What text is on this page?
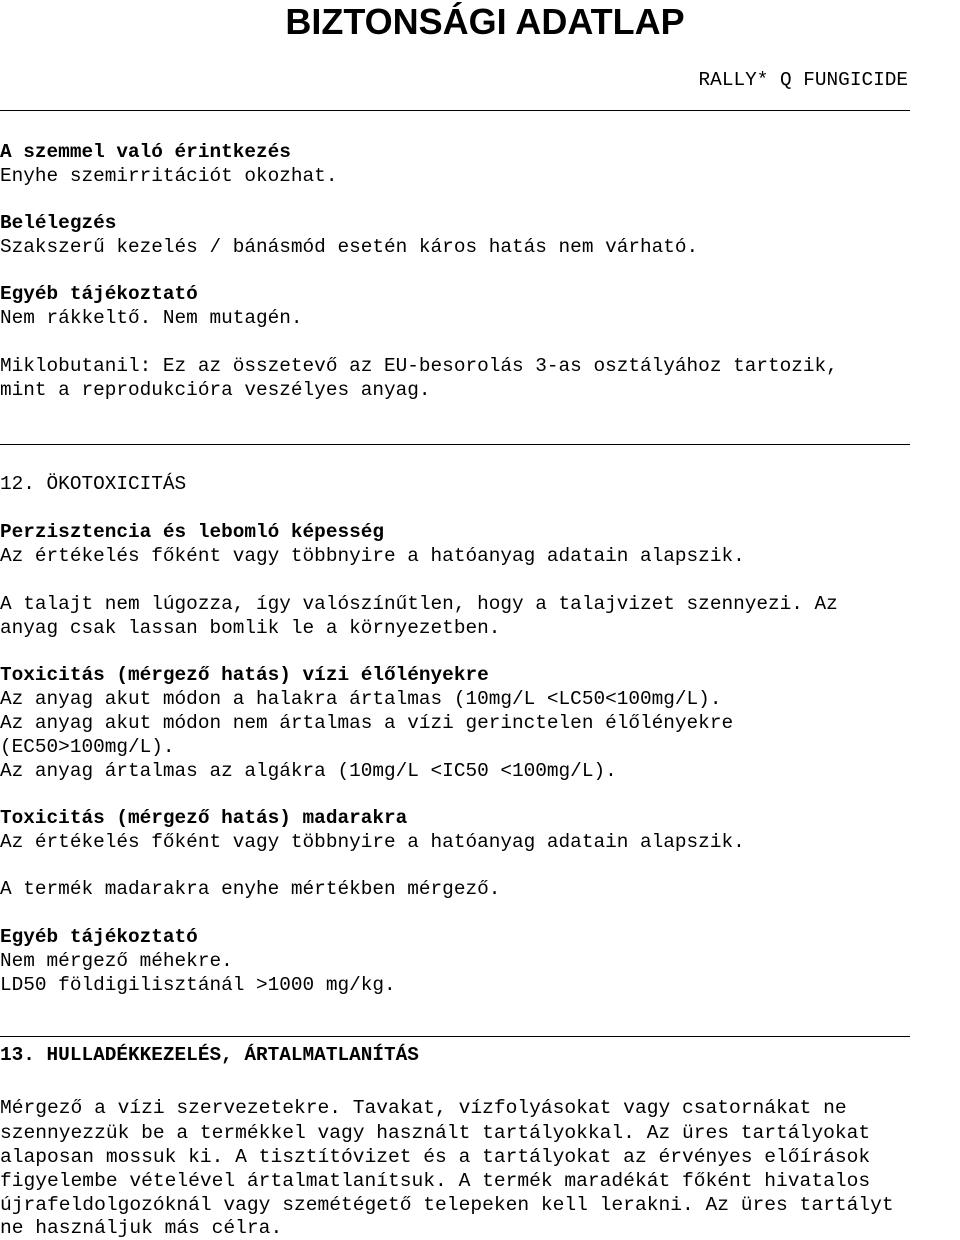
BIZTONSÁGI ADATLAP
RALLY* Q FUNGICIDE
A szemmel való érintkezés
Enyhe szemirritációt okozhat.
Belélegzés
Szakszerű kezelés / bánásmód esetén káros hatás nem várható.
Egyéb tájékoztató
Nem rákkeltő. Nem mutagén.
Miklobutanil: Ez az összetevő az EU-besorolás 3-as osztályához tartozik,
mint a reprodukcióra veszélyes anyag.
12. ÖKOTOXICITÁS
Perzisztencia és lebomló képesség
Az értékelés főként vagy többnyire a hatóanyag adatain alapszik.
A talajt nem lúgozza, így valószínűtlen, hogy a talajvizet szennyezi. Az
anyag csak lassan bomlik le a környezetben.
Toxicitás (mérgező hatás) vízi élőlényekre
Az anyag akut módon a halakra ártalmas (10mg/L <LC50<100mg/L).
Az anyag akut módon nem ártalmas a vízi gerinctelen élőlényekre
(EC50>100mg/L).
Az anyag ártalmas az algákra (10mg/L <IC50 <100mg/L).
Toxicitás (mérgező hatás) madarakra
Az értékelés főként vagy többnyire a hatóanyag adatain alapszik.
A termék madarakra enyhe mértékben mérgező.
Egyéb tájékoztató
Nem mérgező méhekre.
LD50 földigilisztánál >1000 mg/kg.
13. HULLADÉKKEZELÉS, ÁRTALMATLANÍTÁS
Mérgező a vízi szervezetekre. Tavakat, vízfolyásokat vagy csatornákat ne
szennyezzük be a termékkel vagy használt tartályokkal. Az üres tartályokat
alaposan mossuk ki. A tisztítóvizet és a tartályokat az érvényes előírások
figyelembe vételével ártalmatlanítsuk. A termék maradékát főként hivatalos
újrafeldolgozóknál vagy szemétégető telepeken kell lerakni. Az üres tartályt
ne használjuk más célra.
